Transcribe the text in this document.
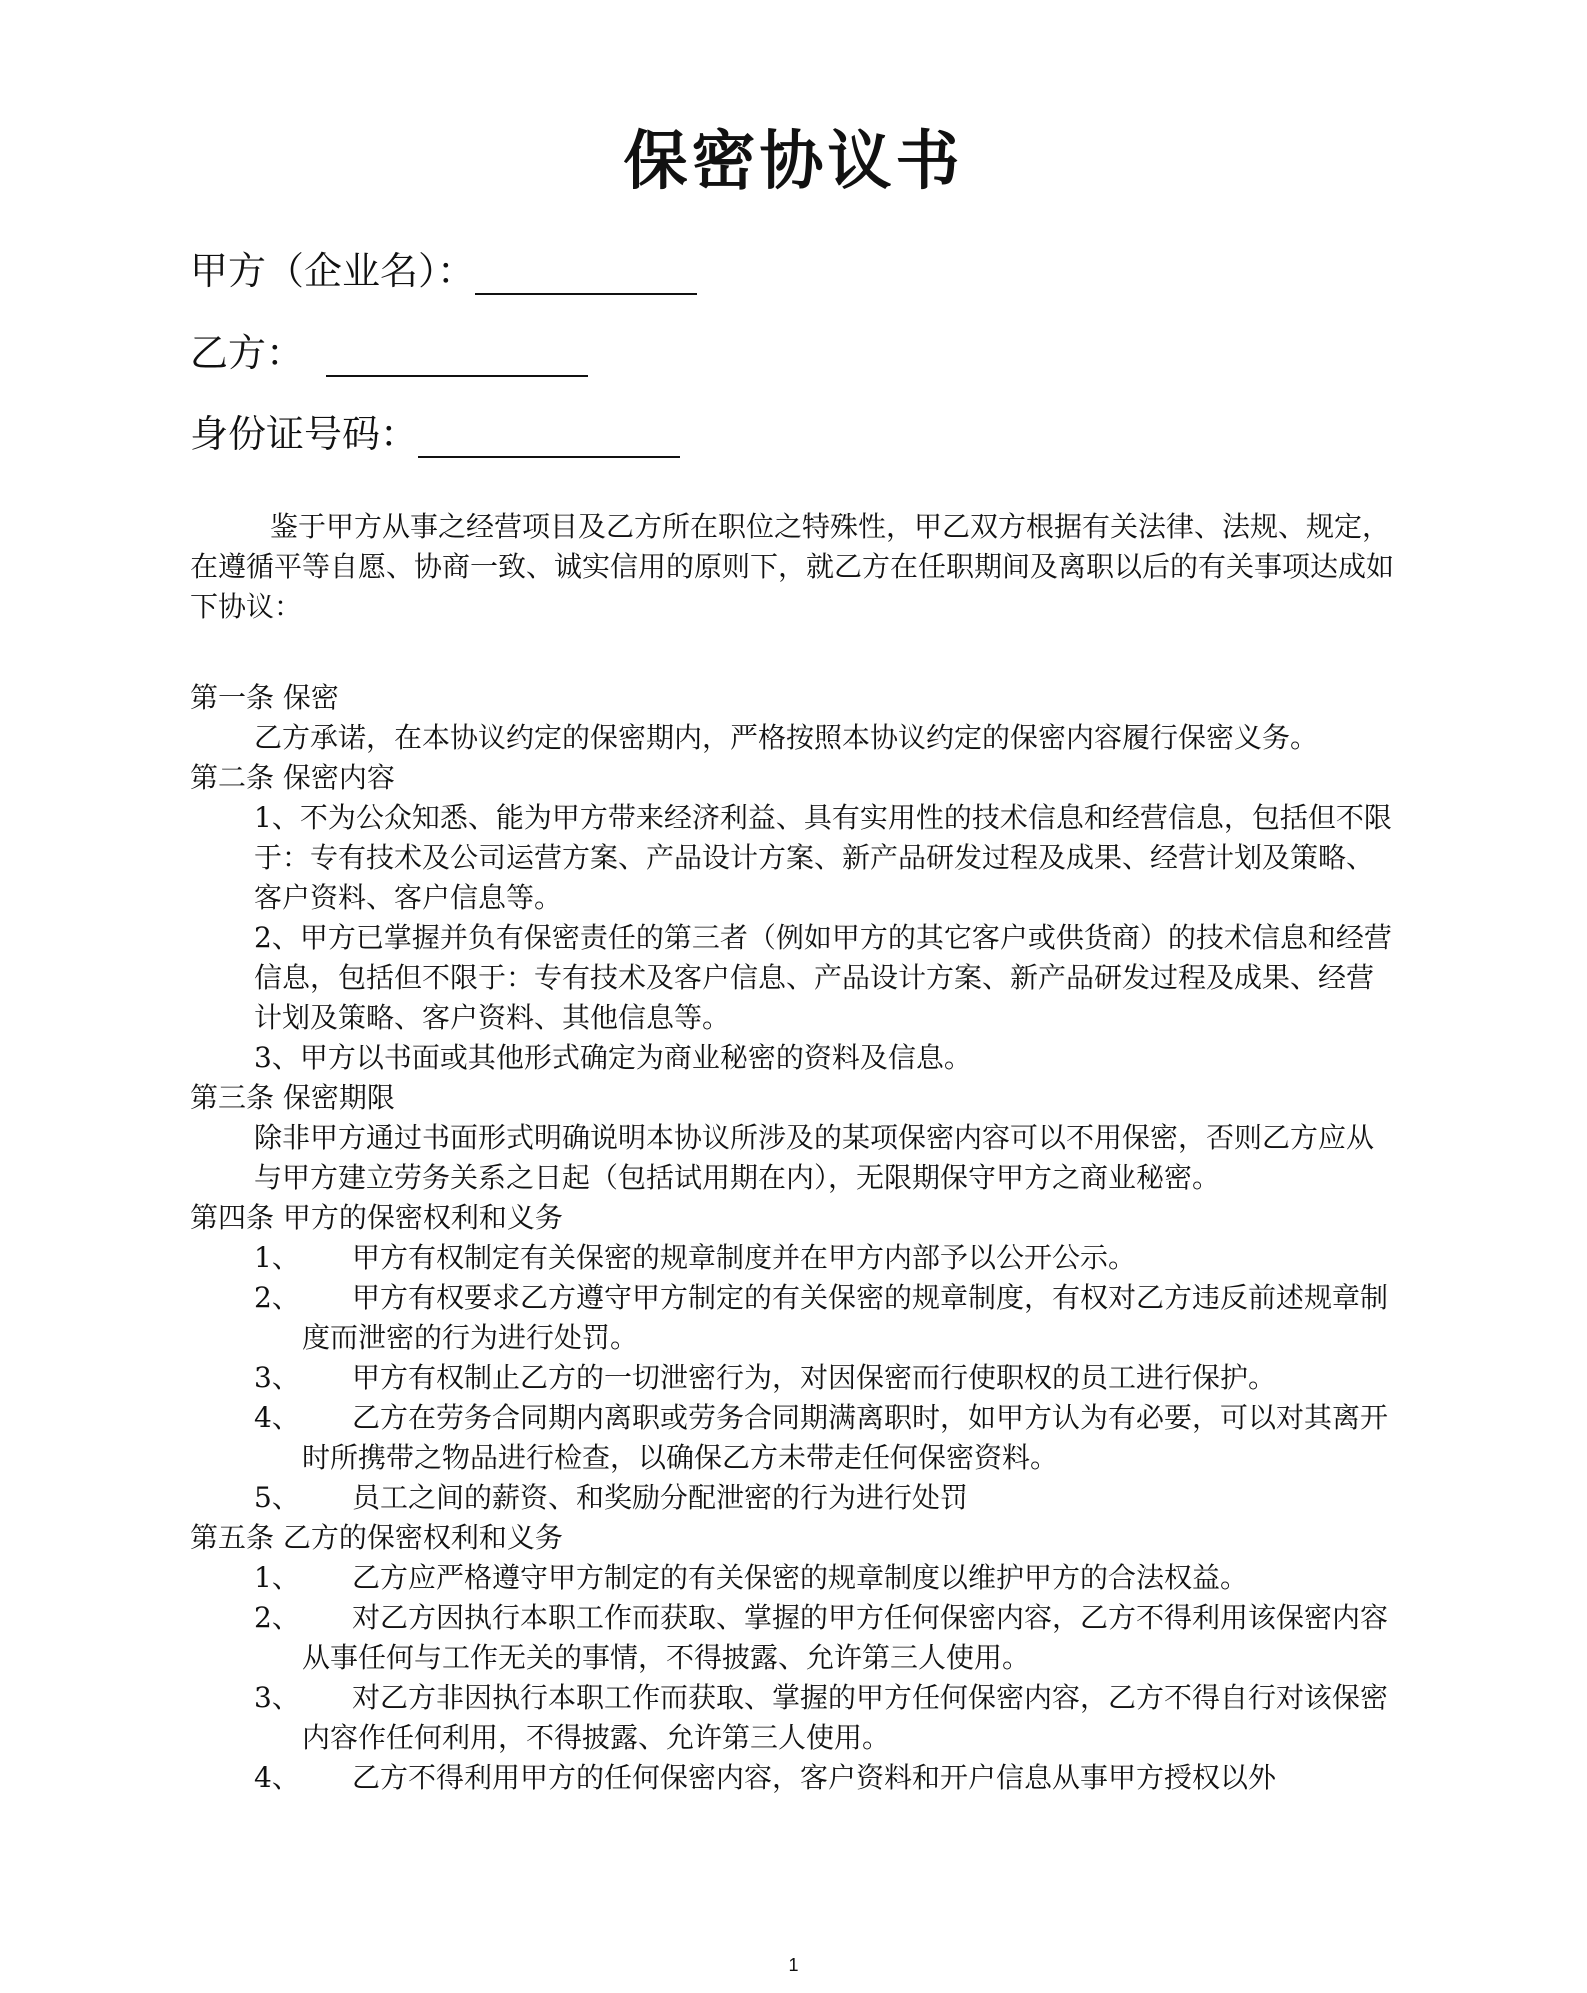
保密协议书
甲方（企业名）：
乙方：
身份证号码：

鉴于甲方从事之经营项目及乙方所在职位之特殊性，甲乙双方根据有关法律、法规、规定，在遵循平等自愿、协商一致、诚实信用的原则下，就乙方在任职期间及离职以后的有关事项达成如下协议：

第一条 保密

乙方承诺，在本协议约定的保密期内，严格按照本协议约定的保密内容履行保密义务。

第二条 保密内容

1、不为公众知悉、能为甲方带来经济利益、具有实用性的技术信息和经营信息，包括但不限于：专有技术及公司运营方案、产品设计方案、新产品研发过程及成果、经营计划及策略、客户资料、客户信息等。

2、甲方已掌握并负有保密责任的第三者（例如甲方的其它客户或供货商）的技术信息和经营信息，包括但不限于：专有技术及客户信息、产品设计方案、新产品研发过程及成果、经营计划及策略、客户资料、其他信息等。

3、甲方以书面或其他形式确定为商业秘密的资料及信息。

第三条 保密期限

除非甲方通过书面形式明确说明本协议所涉及的某项保密内容可以不用保密，否则乙方应从与甲方建立劳务关系之日起（包括试用期在内），无限期保守甲方之商业秘密。

第四条 甲方的保密权利和义务

1、	甲方有权制定有关保密的规章制度并在甲方内部予以公开公示。
2、	甲方有权要求乙方遵守甲方制定的有关保密的规章制度，有权对乙方违反前述规章制度而泄密的行为进行处罚。
3、	甲方有权制止乙方的一切泄密行为，对因保密而行使职权的员工进行保护。
4、	乙方在劳务合同期内离职或劳务合同期满离职时，如甲方认为有必要，可以对其离开时所携带之物品进行检查，以确保乙方未带走任何保密资料。
5、	员工之间的薪资、和奖励分配泄密的行为进行处罚

第五条 乙方的保密权利和义务

1、	乙方应严格遵守甲方制定的有关保密的规章制度以维护甲方的合法权益。
2、	对乙方因执行本职工作而获取、掌握的甲方任何保密内容，乙方不得利用该保密内容从事任何与工作无关的事情，不得披露、允许第三人使用。
3、	对乙方非因执行本职工作而获取、掌握的甲方任何保密内容，乙方不得自行对该保密内容作任何利用，不得披露、允许第三人使用。
4、	乙方不得利用甲方的任何保密内容，客户资料和开户信息从事甲方授权以外
1
